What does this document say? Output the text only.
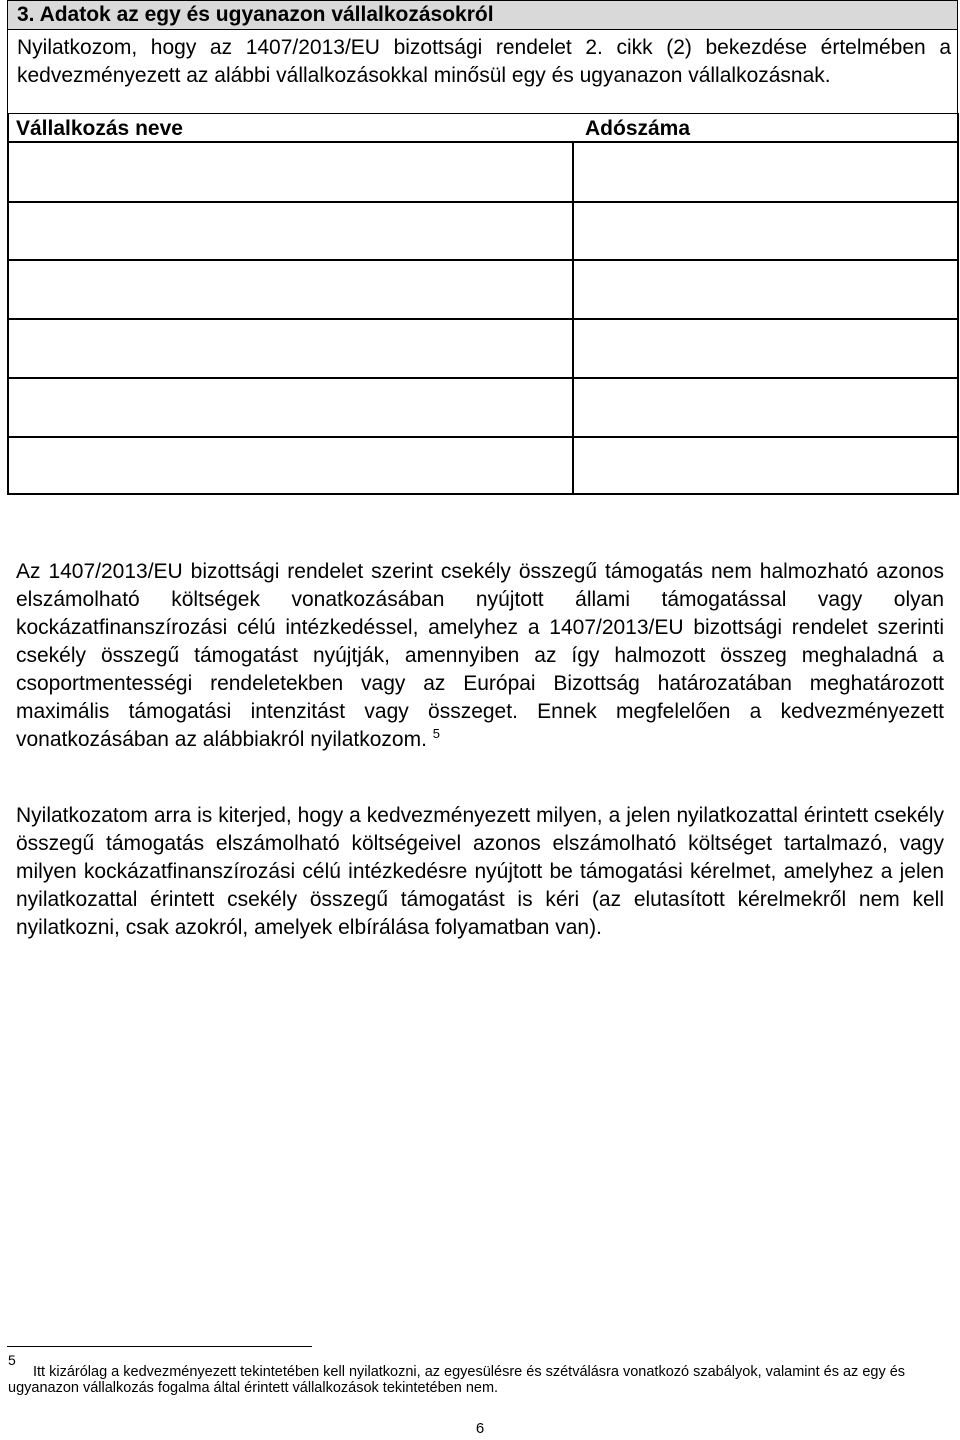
3. Adatok az egy és ugyanazon vállalkozásokról
Nyilatkozom, hogy az 1407/2013/EU bizottsági rendelet 2. cikk (2) bekezdése értelmében a kedvezményezett az alábbi vállalkozásokkal minősül egy és ugyanazon vállalkozásnak.
Vállalkozás neve	Adószáma
Az 1407/2013/EU bizottsági rendelet szerint csekély összegű támogatás nem halmozható azonos elszámolható költségek vonatkozásában nyújtott állami támogatással vagy olyan kockázatfinanszírozási célú intézkedéssel, amelyhez a 1407/2013/EU bizottsági rendelet szerinti csekély összegű támogatást nyújtják, amennyiben az így halmozott összeg meghaladná a csoportmentességi rendeletekben vagy az Európai Bizottság határozatában meghatározott maximális támogatási intenzitást vagy összeget. Ennek megfelelően a kedvezményezett vonatkozásában az alábbiakról nyilatkozom. $^5$
Nyilatkozatom arra is kiterjed, hogy a kedvezményezett milyen, a jelen nyilatkozattal érintett csekély összegű támogatás elszámolható költségeivel azonos elszámolható költséget tartalmazó, vagy milyen kockázatfinanszírozási célú intézkedésre nyújtott be támogatási kérelmet, amelyhez a jelen nyilatkozattal érintett csekély összegű támogatást is kéri (az elutasított kérelmekről nem kell nyilatkozni, csak azokról, amelyek elbírálása folyamatban van).
5
Itt kizárólag a kedvezményezett tekintetében kell nyilatkozni, az egyesülésre és szétválásra vonatkozó szabályok, valamint és az egy és ugyanazon vállalkozás fogalma által érintett vállalkozások tekintetében nem.
6
